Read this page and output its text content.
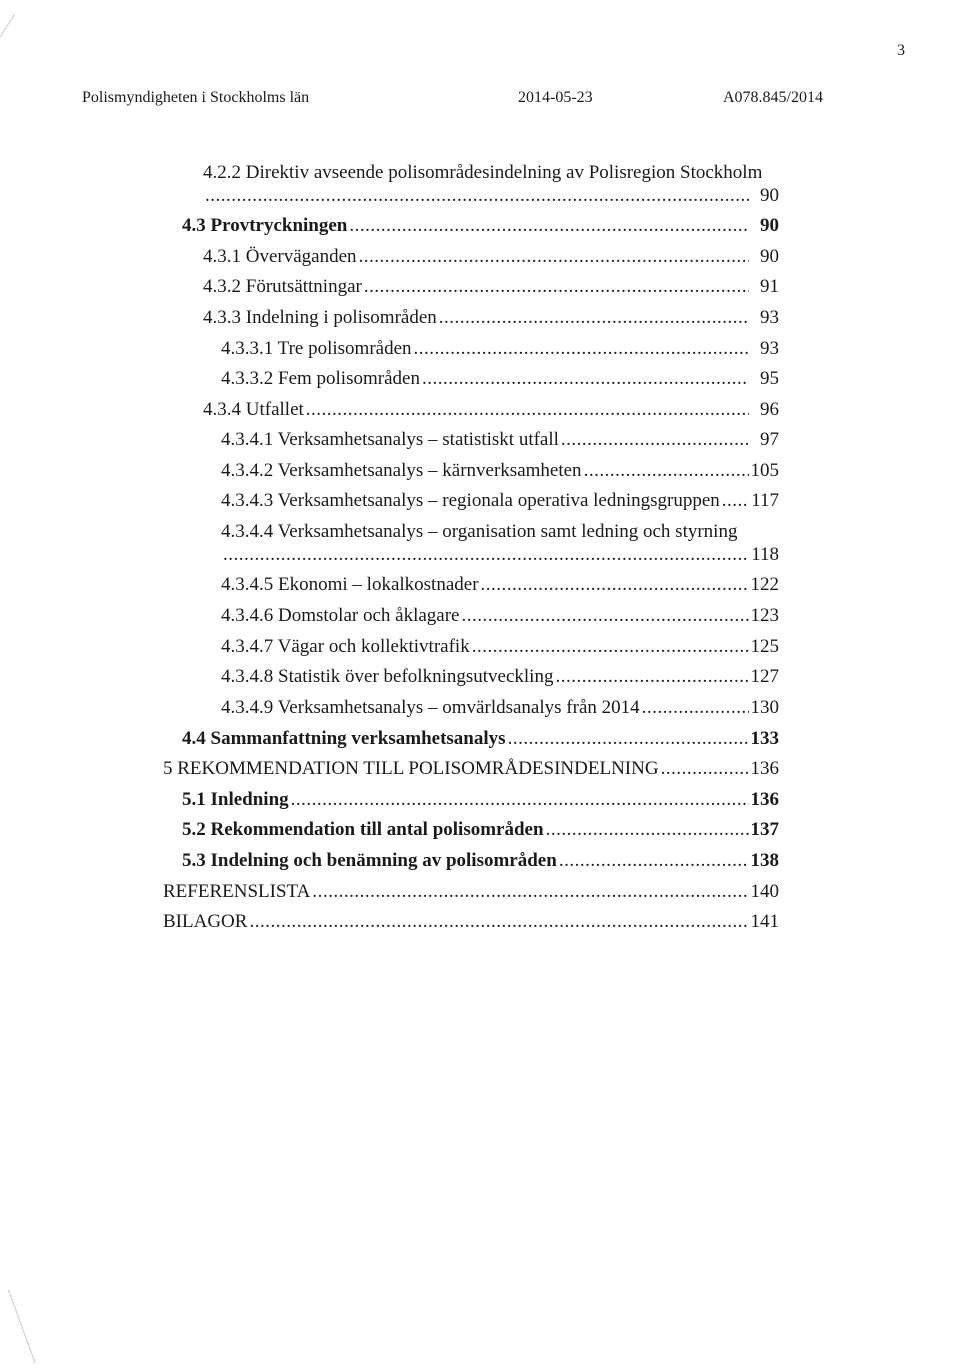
3
Polismyndigheten i Stockholms län	2014-05-23	A078.845/2014
4.2.2 Direktiv avseende polisområdesindelning av Polisregion Stockholm
.....
90
4.3 Provtryckningen .....	90
4.3.1 Överväganden .....	90
4.3.2 Förutsättningar .....	91
4.3.3 Indelning i polisområden .....	93
4.3.3.1 Tre polisområden .....	93
4.3.3.2 Fem polisområden .....	95
4.3.4 Utfallet .....	96
4.3.4.1 Verksamhetsanalys – statistiskt utfall .....	97
4.3.4.2 Verksamhetsanalys – kärnverksamheten .....	105
4.3.4.3 Verksamhetsanalys – regionala operativa ledningsgruppen ..... 117
4.3.4.4 Verksamhetsanalys – organisation samt ledning och styrning
.....
118
4.3.4.5 Ekonomi – lokalkostnader .....	122
4.3.4.6 Domstolar och åklagare .....	123
4.3.4.7 Vägar och kollektivtrafik .....	125
4.3.4.8 Statistik över befolkningsutveckling .....	127
4.3.4.9 Verksamhetsanalys – omvärldsanalys från 2014 .....	130
4.4 Sammanfattning verksamhetsanalys .....	133
5 REKOMMENDATION TILL POLISOMRÅDESINDELNING .....	136
5.1 Inledning .....	136
5.2 Rekommendation till antal polisområden .....	137
5.3 Indelning och benämning av polisområden .....	138
REFERENSLISTA .....	140
BILAGOR .....	141
